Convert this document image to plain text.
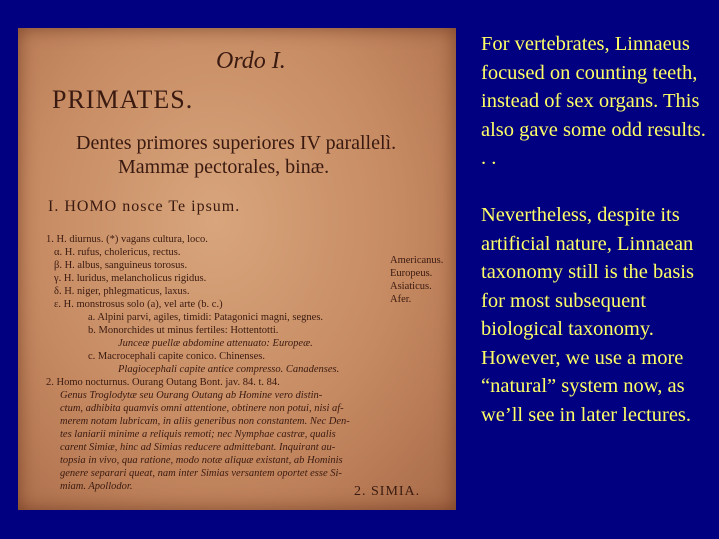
Ordo I.
PRIMATES.
Dentes primores superiores IV parallelì.
Mammæ pectorales, binæ.
I. HOMO nosce Te ipsum.
1. H. diurnus. (*) vagans cultura, loco.
α. H. rufus, cholericus, rectus.
β. H. albus, sanguineus torosus.
γ. H. luridus, melancholicus rigidus.
δ. H. niger, phlegmaticus, laxus.
ε. H. monstrosus solo (a), vel arte (b. c.)
a. Alpini parvi, agiles, timidi: Patagonici magni, segnes.
b. Monorchides ut minus fertiles: Hottentotti.
Junceæ puellæ abdomine attenuato: Europeæ.
c. Macrocephali capite conico. Chinenses.
Plagiocephali capite antice compresso. Canadenses.
2. Homo nocturnus. Ourang Outang Bont. jav. 84. t. 84.
Genus Troglodytæ seu Ourang Outang ab Homine vero distin-
ctum, adhibita quamvis omni attentione, obtinere non potui, nisi af-
merem notam lubricam, in aliis generibus non constantem. Nec Den-
tes laniarii minime a reliquis remoti; nec Nymphae castræ, qualis
carent Simiæ, hinc ad Simias reducere admittebant. Inquirant au-
topsia in vivo, qua ratione, modo notæ aliquæ existant, ab Hominis
genere separari queat, nam inter Simias versantem oportet esse Si-
miam. Apollodor.
Americanus.
Europeus.
Asiaticus.
Afer.
2. SIMIA.

For vertebrates, Linnaeus focused on counting teeth, instead of sex organs. This also gave some odd results. . .

Nevertheless, despite its artificial nature, Linnaean taxonomy still is the basis for most subsequent biological taxonomy. However, we use a more “natural” system now, as we’ll see in later lectures.
